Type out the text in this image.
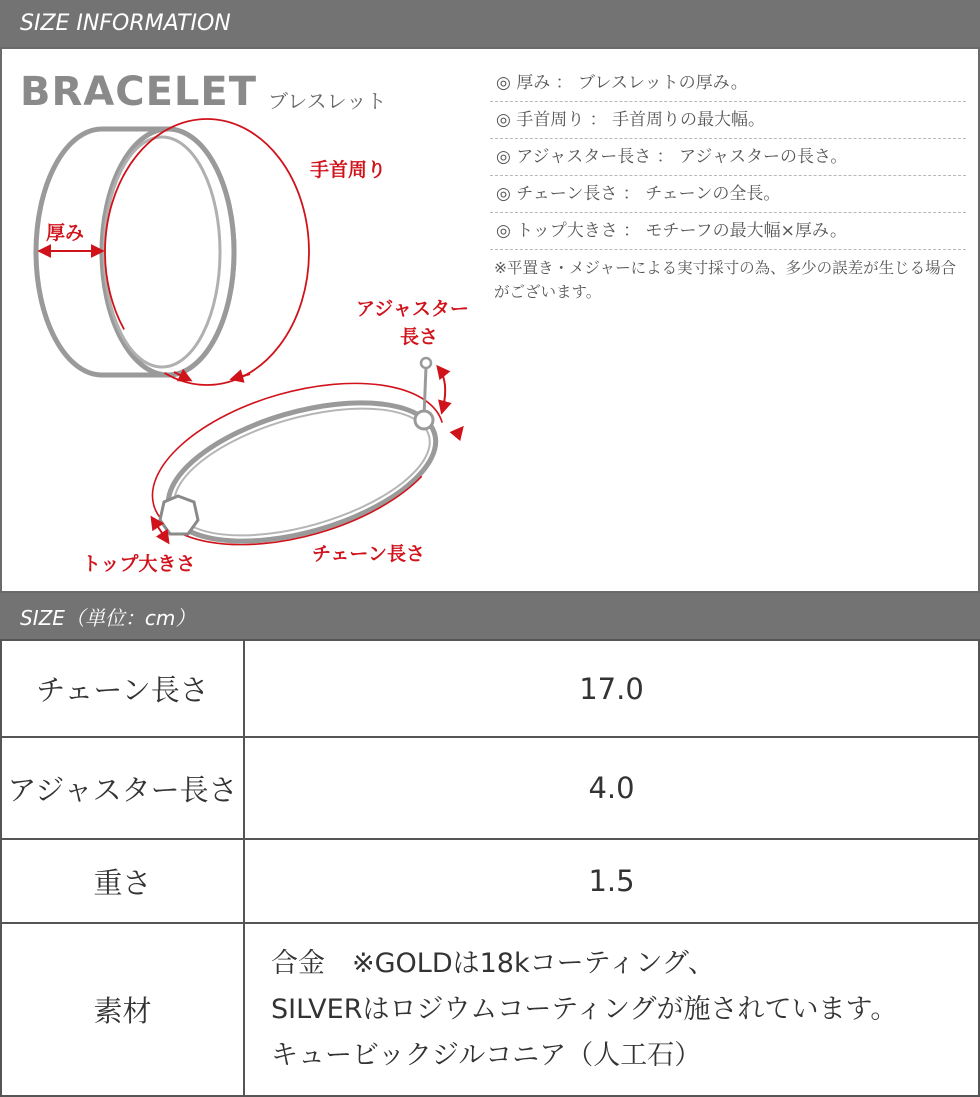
SIZE INFORMATION
BRACELET ブレスレット
厚み
手首周り
アジャスター
長さ
トップ大きさ	チェーン長さ
◎ 厚み ： ブレスレットの厚み。
◎ 手首周り ： 手首周りの最大幅。
◎ アジャスター長さ ： アジャスターの長さ。
◎ チェーン長さ ： チェーンの全長。
◎ トップ大きさ ： モチーフの最大幅×厚み。
※平置き・メジャーによる実寸採寸の為、多少の誤差が生じる場合がございます。
SIZE（単位：cm）
チェーン長さ	17.0
アジャスター長さ	4.0
重さ	1.5
素材	合金　※GOLDは18kコーティング、
SILVERはロジウムコーティングが施されています。
キュービックジルコニア（人工石）
